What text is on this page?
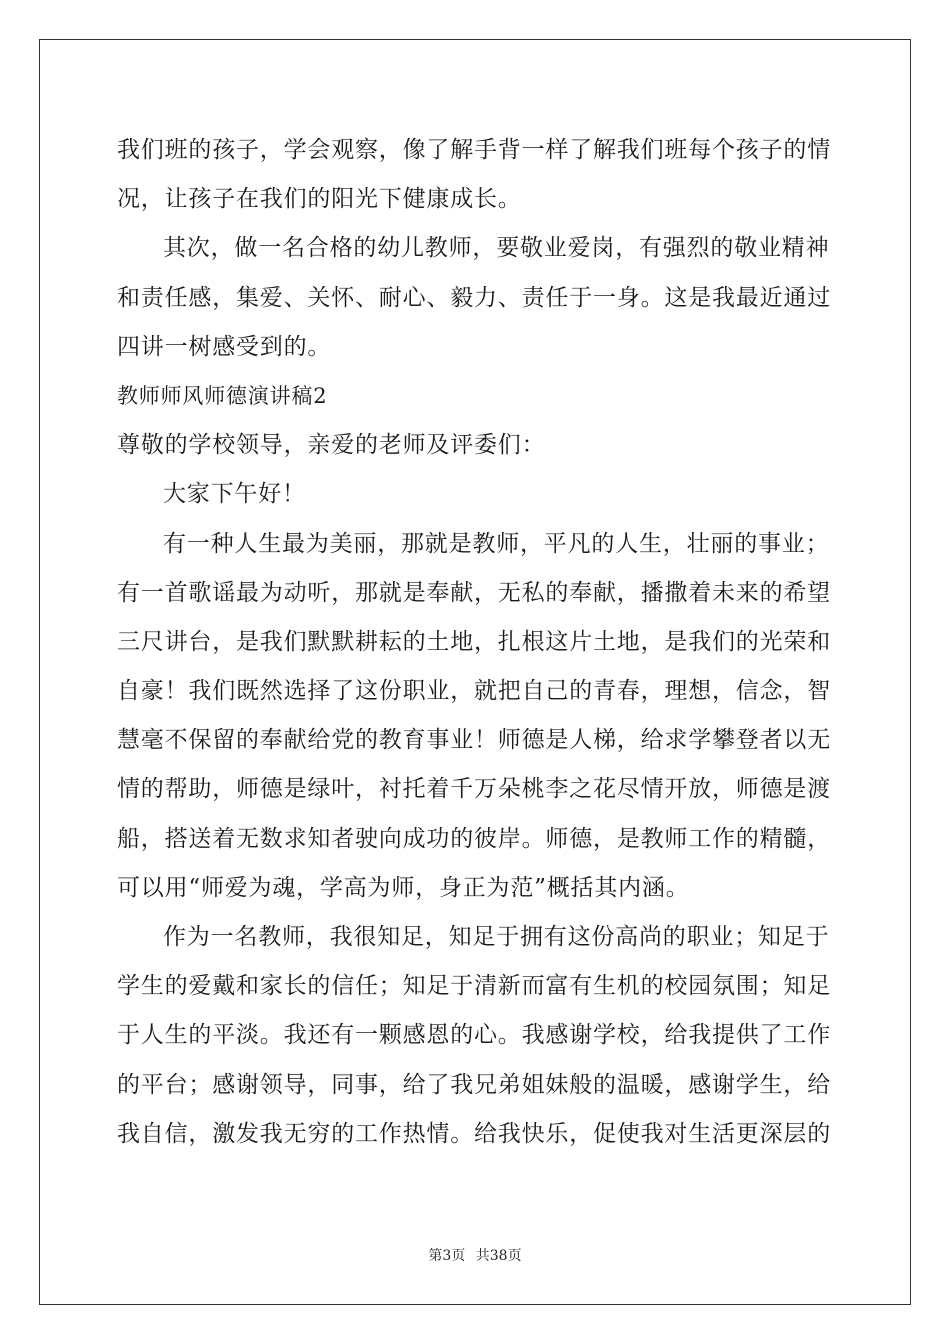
我们班的孩子，学会观察，像了解手背一样了解我们班每个孩子的情
况，让孩子在我们的阳光下健康成长。
其次，做一名合格的幼儿教师，要敬业爱岗，有强烈的敬业精神
和责任感，集爱、关怀、耐心、毅力、责任于一身。这是我最近通过
四讲一树感受到的。
教师师风师德演讲稿2
尊敬的学校领导，亲爱的老师及评委们：
大家下午好！
有一种人生最为美丽，那就是教师，平凡的人生，壮丽的事业；
有一首歌谣最为动听，那就是奉献，无私的奉献，播撒着未来的希望
三尺讲台，是我们默默耕耘的土地，扎根这片土地，是我们的光荣和
自豪！我们既然选择了这份职业，就把自己的青春，理想，信念，智
慧毫不保留的奉献给党的教育事业！师德是人梯，给求学攀登者以无
情的帮助，师德是绿叶，衬托着千万朵桃李之花尽情开放，师德是渡
船，搭送着无数求知者驶向成功的彼岸。师德，是教师工作的精髓，
可以用“师爱为魂，学高为师，身正为范”概括其内涵。
作为一名教师，我很知足，知足于拥有这份高尚的职业；知足于
学生的爱戴和家长的信任；知足于清新而富有生机的校园氛围；知足
于人生的平淡。我还有一颗感恩的心。我感谢学校，给我提供了工作
的平台；感谢领导，同事，给了我兄弟姐妹般的温暖，感谢学生，给
我自信，激发我无穷的工作热情。给我快乐，促使我对生活更深层的
第3页 共38页
